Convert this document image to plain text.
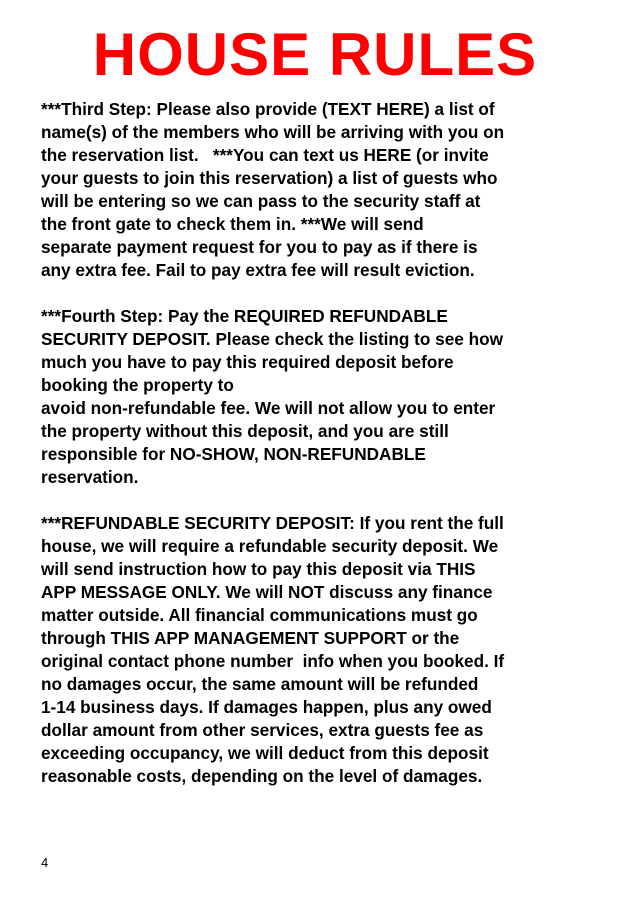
HOUSE RULES

***Third Step: Please also provide (TEXT HERE) a list of
name(s) of the members who will be arriving with you on
the reservation list.   ***You can text us HERE (or invite
your guests to join this reservation) a list of guests who
will be entering so we can pass to the security staff at
the front gate to check them in. ***We will send
separate payment request for you to pay as if there is
any extra fee. Fail to pay extra fee will result eviction.

***Fourth Step: Pay the REQUIRED REFUNDABLE
SECURITY DEPOSIT. Please check the listing to see how
much you have to pay this required deposit before
booking the property to
avoid non-refundable fee. We will not allow you to enter
the property without this deposit, and you are still
responsible for NO-SHOW, NON-REFUNDABLE
reservation.

***REFUNDABLE SECURITY DEPOSIT: If you rent the full
house, we will require a refundable security deposit. We
will send instruction how to pay this deposit via THIS
APP MESSAGE ONLY. We will NOT discuss any finance
matter outside. All financial communications must go
through THIS APP MANAGEMENT SUPPORT or the
original contact phone number  info when you booked. If
no damages occur, the same amount will be refunded
1-14 business days. If damages happen, plus any owed
dollar amount from other services, extra guests fee as
exceeding occupancy, we will deduct from this deposit
reasonable costs, depending on the level of damages.

4
